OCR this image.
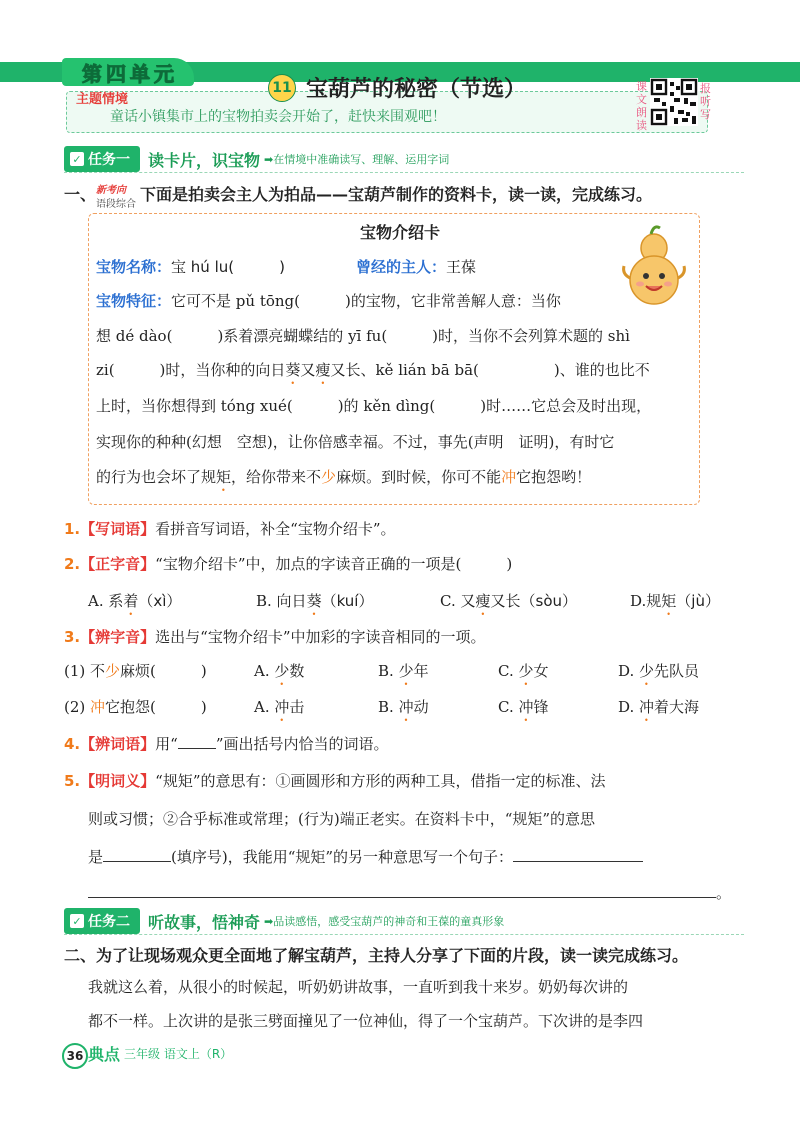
第 四 单 元
主题情境
童话小镇集市上的宝物拍卖会开始了，赶快来围观吧！
11 宝葫芦的秘密（节选）	课文朗读
报听写
✓ 任务一 读卡片，识宝物 ➡在情境中准确读写、理解、运用字词
一、新考向
语段综合下面是拍卖会主人为拍品——宝葫芦制作的资料卡，读一读，完成练习。
宝物介绍卡
宝物名称：宝 hú lu(　　　)	曾经的主人：王葆
宝物特征：它可不是 pǔ tōng(　　　)的宝物，它非常善解人意：当你
想 dé dào(　　　)系着漂亮蝴蝶结的 yī fu(　　　)时，当你不会列算术题的 shì
zi(　　　)时，当你种的向日葵又瘦又长、kě lián bā bā(　　　　　)、谁的也比不
上时，当你想得到 tóng xué(　　　)的 kěn dìng(　　　)时……它总会及时出现，
实现你的种种(幻想　空想)，让你倍感幸福。不过，事先(声明　证明)，有时它
的行为也会坏了规矩，给你带来不少麻烦。到时候，你可不能冲它抱怨哟！
1.【写词语】看拼音写词语，补全“宝物介绍卡”。
2.【正字音】“宝物介绍卡”中，加点的字读音正确的一项是(　　　)
A. 系着（xì）	B. 向日葵（kuí）	C. 又瘦又长（sòu）	D.规矩（jù）
3.【辨字音】选出与“宝物介绍卡”中加彩的字读音相同的一项。
(1) 不少麻烦(　　　)	A. 少数	B. 少年	C. 少女	D. 少先队员
(2) 冲它抱怨(　　　)	A. 冲击	B. 冲动	C. 冲锋	D. 冲着大海
4.【辨词语】用“	”画出括号内恰当的词语。
5.【明词义】“规矩”的意思有：①画圆形和方形的两种工具，借指一定的标准、法
则或习惯；②合乎标准或常理；(行为)端正老实。在资料卡中，“规矩”的意思
是	(填序号)，我能用“规矩”的另一种意思写一个句子：
。
✓ 任务二 听故事，悟神奇 ➡品读感悟，感受宝葫芦的神奇和王葆的童真形象
二、为了让现场观众更全面地了解宝葫芦，主持人分享了下面的片段，读一读完成练习。
我就这么着，从很小的时候起，听奶奶讲故事，一直听到我十来岁。奶奶每次讲的
都不一样。上次讲的是张三劈面撞见了一位神仙，得了一个宝葫芦。下次讲的是李四
36 典点 三年级 语文上（R）
